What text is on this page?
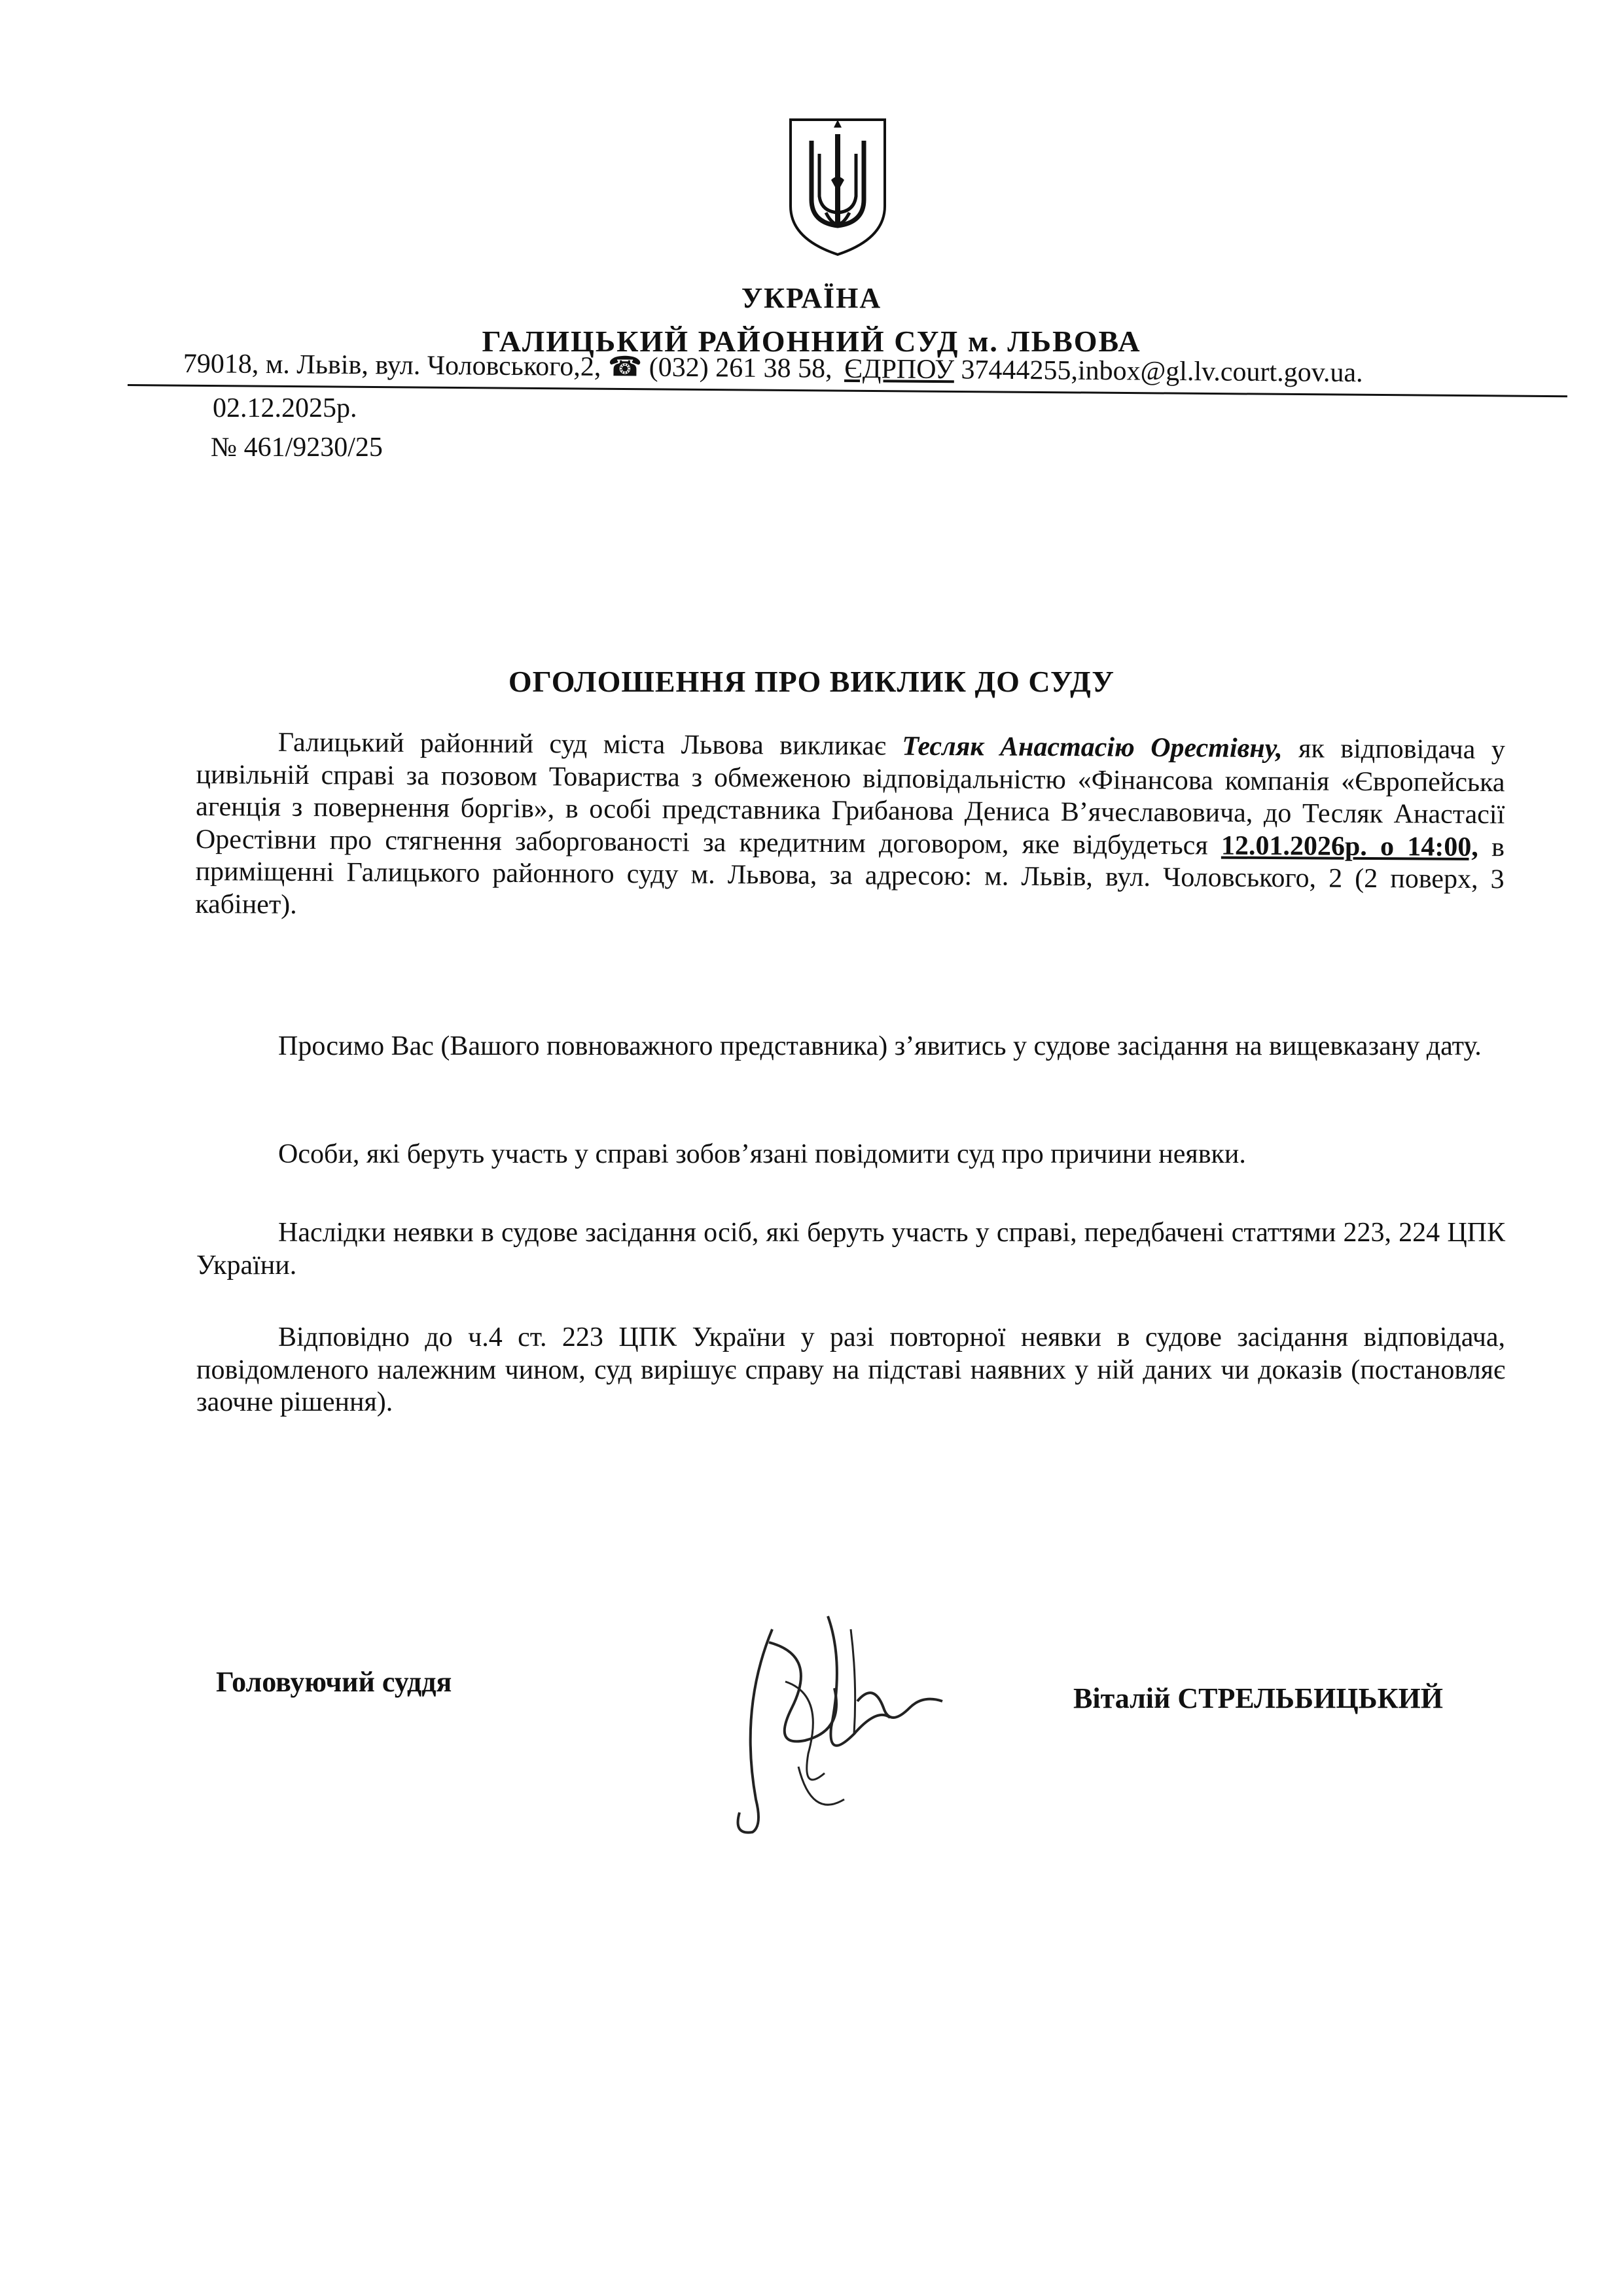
УКРАЇНА
ГАЛИЦЬКИЙ РАЙОННИЙ СУД м. ЛЬВОВА
79018, м. Львів, вул. Чоловського,2, ☎ (032) 261 38 58, ЄДРПОУ 37444255,inbox@gl.lv.court.gov.ua.
02.12.2025р.
№ 461/9230/25
ОГОЛОШЕННЯ ПРО ВИКЛИК ДО СУДУ

Галицький районний суд міста Львова викликає Тесляк Анастасію Орестівну, як відповідача у цивільній справі за позовом Товариства з обмеженою відповідальністю «Фінансова компанія «Європейська агенція з повернення боргів», в особі представника Грибанова Дениса В’ячеславовича, до Тесляк Анастасії Орестівни про стягнення заборгованості за кредитним договором, яке відбудеться 12.01.2026р. о 14:00, в приміщенні Галицького районного суду м. Львова, за адресою: м. Львів, вул. Чоловського, 2 (2 поверх, 3 кабінет).

Просимо Вас (Вашого повноважного представника) з’явитись у судове засідання на вищевказану дату.

Особи, які беруть участь у справі зобов’язані повідомити суд про причини неявки.

Наслідки неявки в судове засідання осіб, які беруть участь у справі, передбачені статтями 223, 224 ЦПК України.

Відповідно до ч.4 ст. 223 ЦПК України у разі повторної неявки в судове засідання відповідача, повідомленого належним чином, суд вирішує справу на підставі наявних у ній даних чи доказів (постановляє заочне рішення).

Головуючий суддя
Віталій СТРЕЛЬБИЦЬКИЙ
